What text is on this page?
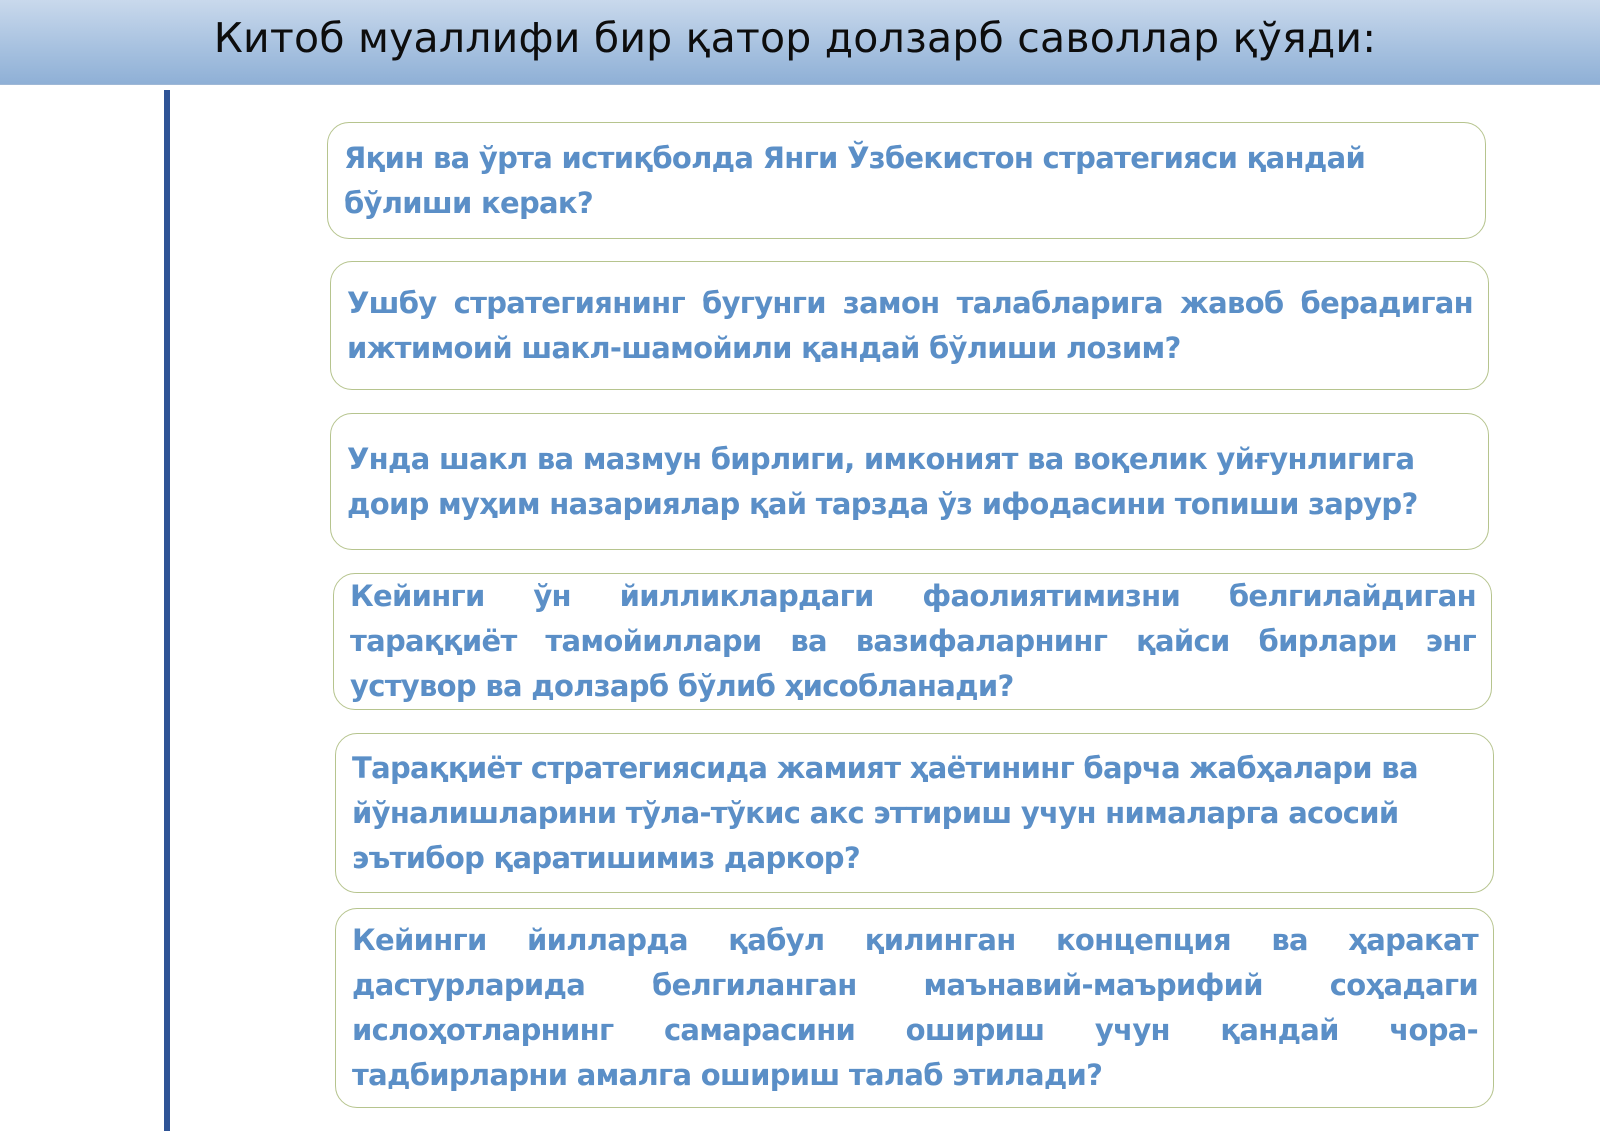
Китоб муаллифи бир қатор долзарб саволлар қўяди:
Яқин ва ўрта истиқболда Янги Ўзбекистон стратегияси қандай бўлиши керак?
Ушбу стратегиянинг бугунги замон талабларига жавоб берадиган ижтимоий шакл-шамойили қандай бўлиши лозим?
Унда шакл ва мазмун бирлиги, имконият ва воқелик уйғунлигига доир муҳим назариялар қай тарзда ўз ифодасини топиши зарур?
Кейинги ўн йилликлардаги фаолиятимизни белгилайдиган тараққиёт тамойиллари ва вазифаларнинг қайси бирлари энг устувор ва долзарб бўлиб ҳисобланади?
Тараққиёт стратегиясида жамият ҳаётининг барча жабҳалари ва йўналишларини тўла-тўкис акс эттириш учун нималарга асосий эътибор қаратишимиз даркор?
Кейинги йилларда қабул қилинган концепция ва ҳаракат дастурларида белгиланган маънавий-маърифий соҳадаги ислоҳотларнинг самарасини ошириш учун қандай чора-тадбирларни амалга ошириш талаб этилади?
